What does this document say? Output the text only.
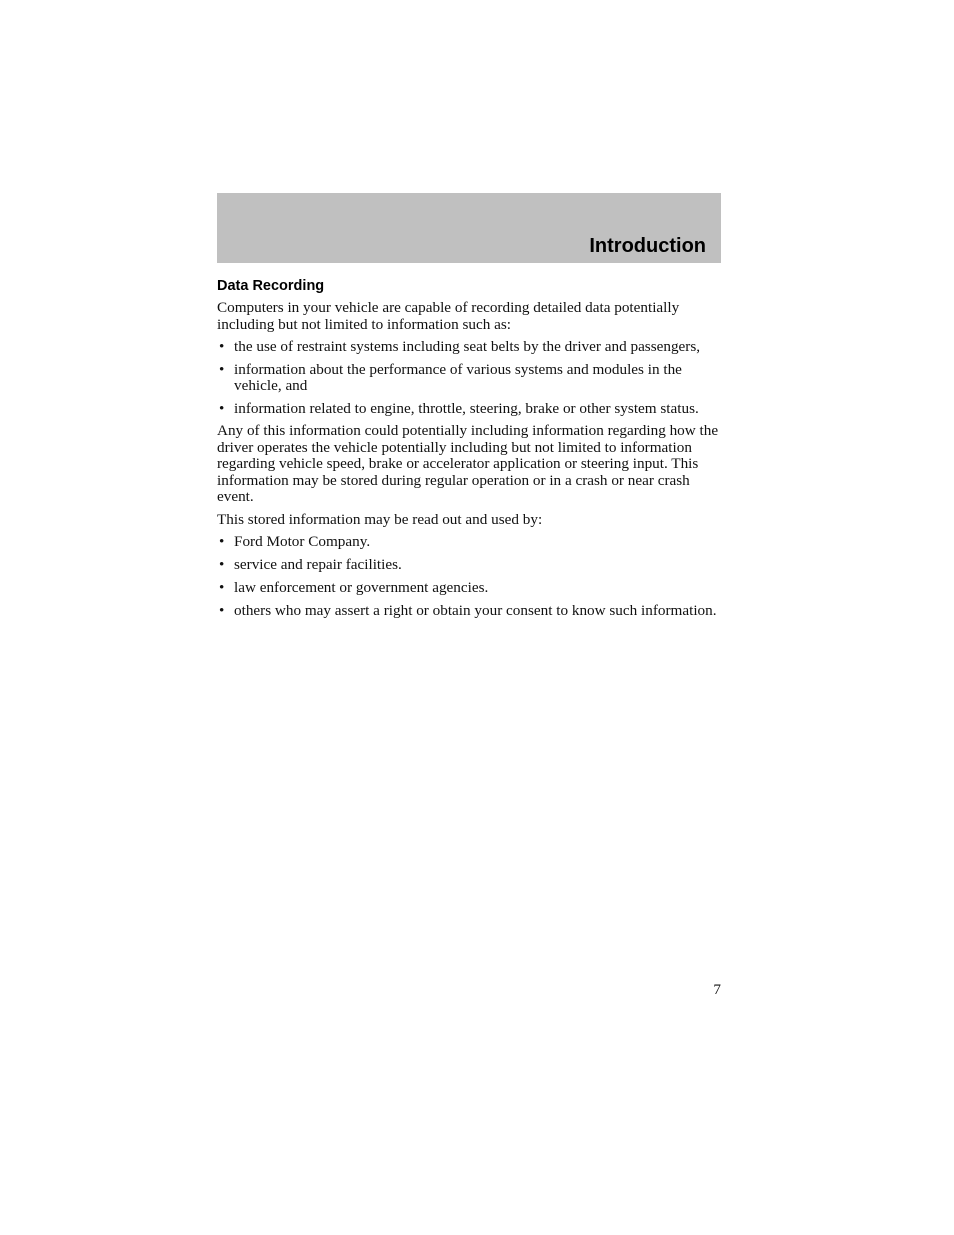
Introduction
Data Recording

Computers in your vehicle are capable of recording detailed data potentially including but not limited to information such as:

• the use of restraint systems including seat belts by the driver and passengers,
• information about the performance of various systems and modules in the vehicle, and
• information related to engine, throttle, steering, brake or other system status.

Any of this information could potentially including information regarding how the driver operates the vehicle potentially including but not limited to information regarding vehicle speed, brake or accelerator application or steering input. This information may be stored during regular operation or in a crash or near crash event.

This stored information may be read out and used by:

• Ford Motor Company.
• service and repair facilities.
• law enforcement or government agencies.
• others who may assert a right or obtain your consent to know such information.
7
